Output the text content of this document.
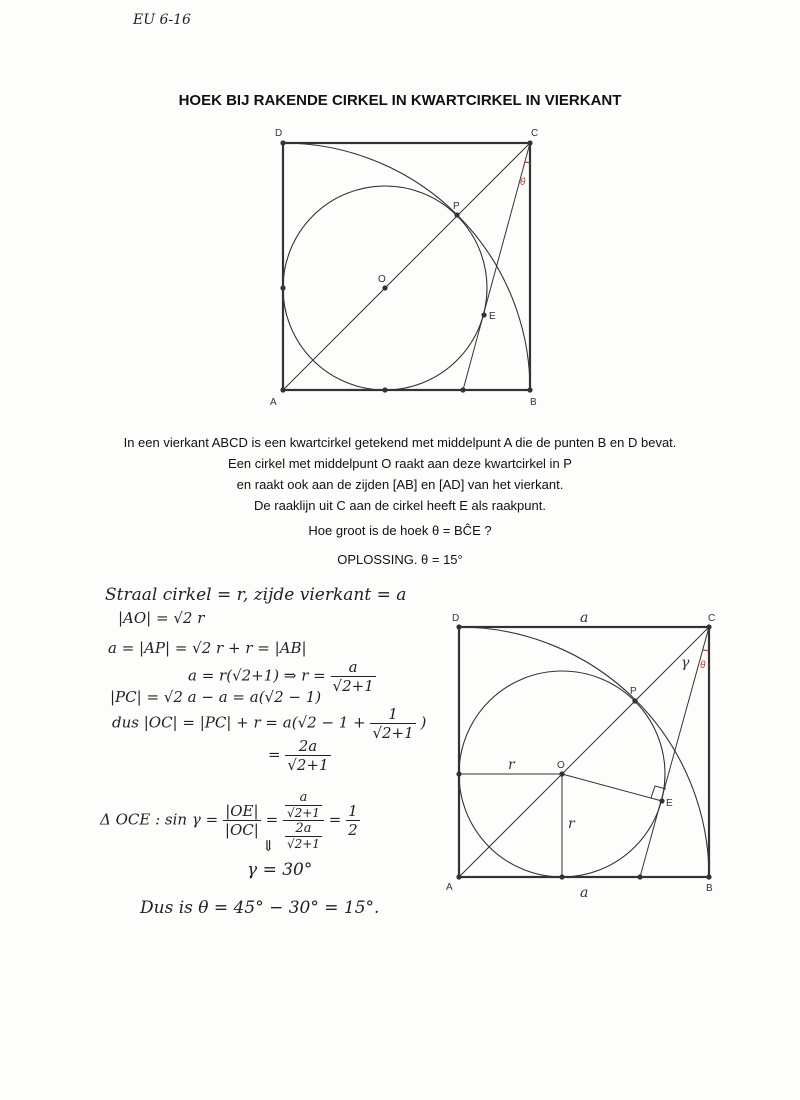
EU 6-16
HOEK BIJ RAKENDE CIRKEL IN KWARTCIRKEL IN VIERKANT
D	C
A	B
O
P
E
θ
D	C
A	B
O
P
E
a
a
r
r
γ θ
In een vierkant ABCD is een kwartcirkel getekend met middelpunt A die de punten B en D bevat.
Een cirkel met middelpunt O raakt aan deze kwartcirkel in P
en raakt ook aan de zijden [AB] en [AD] van het vierkant.
De raaklijn uit C aan de cirkel heeft E als raakpunt.
Hoe groot is de hoek θ = BĈE ?
OPLOSSING. θ = 15°
Straal cirkel = r, zijde vierkant = a
|AO| = √2 r
a = |AP| = √2 r + r = |AB|
a = r(√2+1) ⇒ $r = \frac{a}{√2+1}$
|PC| = √2 a − a = a(√2 − 1)
dus $|OC| = |PC| + r = a(√2 - 1 + \frac{1}{√2+1}$ )
= $\frac{2a}{√2+1}$
Δ OCE : $\sin \gamma = \frac{|OE|}{|OC|} = \frac{\frac{a}{√2+1}}{\frac{2a}{√2+1}} = \frac{1}{2}$
⇓
γ = 30°
Dus is θ = 45° − 30° = 15°.
